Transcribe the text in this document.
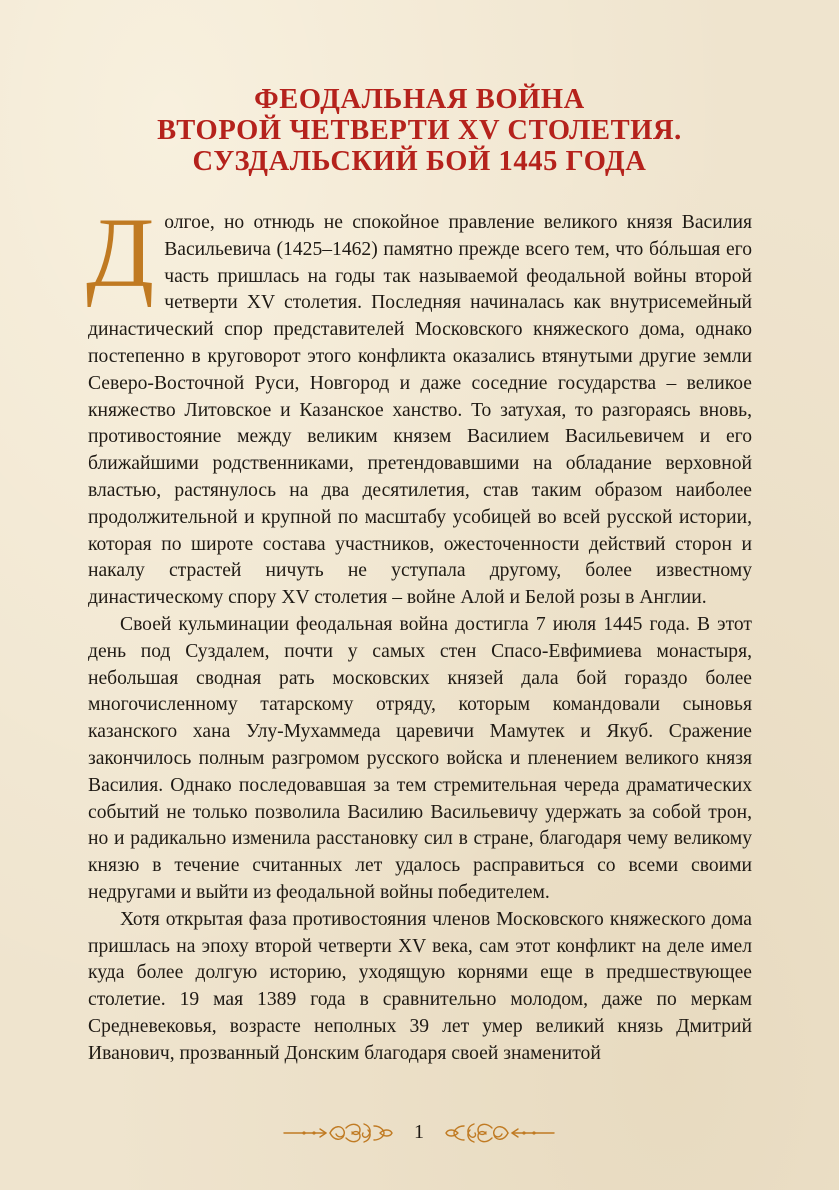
ФЕОДАЛЬНАЯ ВОЙНА
ВТОРОЙ ЧЕТВЕРТИ XV СТОЛЕТИЯ.
СУЗДАЛЬСКИЙ БОЙ 1445 ГОДА

Долгое, но отнюдь не спокойное правление великого князя Василия Васильевича (1425–1462) памятно прежде всего тем, что бóльшая его часть пришлась на годы так называемой феодальной войны второй четверти XV столетия. Последняя начиналась как внутрисемейный династический спор представителей Московского княжеского дома, однако постепенно в круговорот этого конфликта оказались втянутыми другие земли Северо-Восточной Руси, Новгород и даже соседние государства – великое княжество Литовское и Казанское ханство. То затухая, то разгораясь вновь, противостояние между великим князем Василием Васильевичем и его ближайшими родственниками, претендовавшими на обладание верховной властью, растянулось на два десятилетия, став таким образом наиболее продолжительной и крупной по масштабу усобицей во всей русской истории, которая по широте состава участников, ожесточенности действий сторон и накалу страстей ничуть не уступала другому, более известному династическому спору XV столетия – войне Алой и Белой розы в Англии.

Своей кульминации феодальная война достигла 7 июля 1445 года. В этот день под Суздалем, почти у самых стен Спасо-Евфимиева монастыря, небольшая сводная рать московских князей дала бой гораздо более многочисленному татарскому отряду, которым командовали сыновья казанского хана Улу-Мухаммеда царевичи Мамутек и Якуб. Сражение закончилось полным разгромом русского войска и пленением великого князя Василия. Однако последовавшая за тем стремительная череда драматических событий не только позволила Василию Васильевичу удержать за собой трон, но и радикально изменила расстановку сил в стране, благодаря чему великому князю в течение считанных лет удалось расправиться со всеми своими недругами и выйти из феодальной войны победителем.

Хотя открытая фаза противостояния членов Московского княжеского дома пришлась на эпоху второй четверти XV века, сам этот конфликт на деле имел куда более долгую историю, уходящую корнями еще в предшествующее столетие. 19 мая 1389 года в сравнительно молодом, даже по меркам Средневековья, возрасте неполных 39 лет умер великий князь Дмитрий Иванович, прозванный Донским благодаря своей знаменитой

1
